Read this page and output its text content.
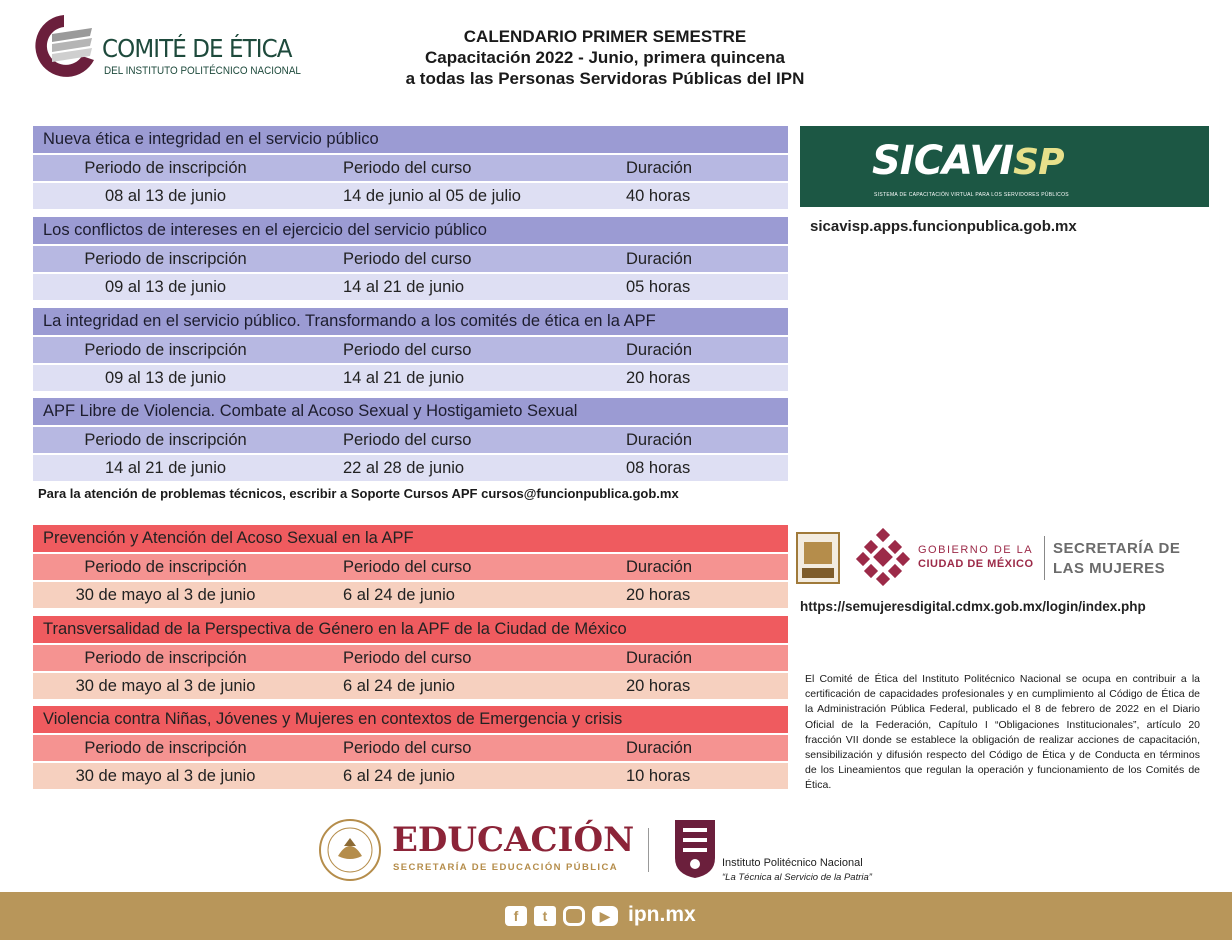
COMITÉ DE ÉTICA
DEL INSTITUTO POLITÉCNICO NACIONAL
CALENDARIO PRIMER SEMESTRE
Capacitación 2022 - Junio, primera quincena
a todas las Personas Servidoras Públicas del IPN
Nueva ética e integridad en el servicio público
Periodo de inscripción	Periodo del curso	Duración
08 al 13 de junio	14 de junio al 05 de julio	40 horas
Los conflictos de intereses en el ejercicio del servicio público
Periodo de inscripción	Periodo del curso	Duración
09 al 13 de junio	14 al 21 de junio	05 horas
La integridad en el servicio público. Transformando a los comités de ética en la APF
Periodo de inscripción	Periodo del curso	Duración
09 al 13 de junio	14 al 21 de junio	20 horas
APF Libre de Violencia. Combate al Acoso Sexual y Hostigamieto Sexual
Periodo de inscripción	Periodo del curso	Duración
14 al 21 de junio	22 al 28 de junio	08 horas
Para la atención de problemas técnicos, escribir a Soporte Cursos APF cursos@funcionpublica.gob.mx
Prevención y Atención del Acoso Sexual en la APF
Periodo de inscripción	Periodo del curso	Duración
30 de mayo al 3 de junio	6 al 24 de junio	20 horas
Transversalidad de la Perspectiva de Género en la APF de la Ciudad de México
Periodo de inscripción	Periodo del curso	Duración
30 de mayo al 3 de junio	6 al 24 de junio	20 horas
Violencia contra Niñas, Jóvenes y Mujeres en contextos de Emergencia y crisis
Periodo de inscripción	Periodo del curso	Duración
30 de mayo al 3 de junio	6 al 24 de junio	10 horas
SICAVISP
SISTEMA DE CAPACITACIÓN VIRTUAL PARA LOS SERVIDORES PÚBLICOS
sicavisp.apps.funcionpublica.gob.mx
GOBIERNO DE LA
CIUDAD DE MÉXICO
SECRETARÍA DE
LAS MUJERES
https://semujeresdigital.cdmx.gob.mx/login/index.php
El Comité de Ética del Instituto Politécnico Nacional se ocupa en contribuir a la certificación de capacidades profesionales y en cumplimiento al Código de Ética de la Administración Pública Federal, publicado el 8 de febrero de 2022 en el Diario Oficial de la Federación, Capítulo I “Obligaciones Institucionales”, artículo 20 fracción VII donde se establece la obligación de realizar acciones de capacitación, sensibilización y difusión respecto del Código de Ética y de Conducta en términos de los Lineamientos que regulan la operación y funcionamiento de los Comités de Ética.
EDUCACIÓN
SECRETARÍA DE EDUCACIÓN PÚBLICA	Instituto Politécnico Nacional
“La Técnica al Servicio de la Patria”
f	t	▶ ipn.mx
